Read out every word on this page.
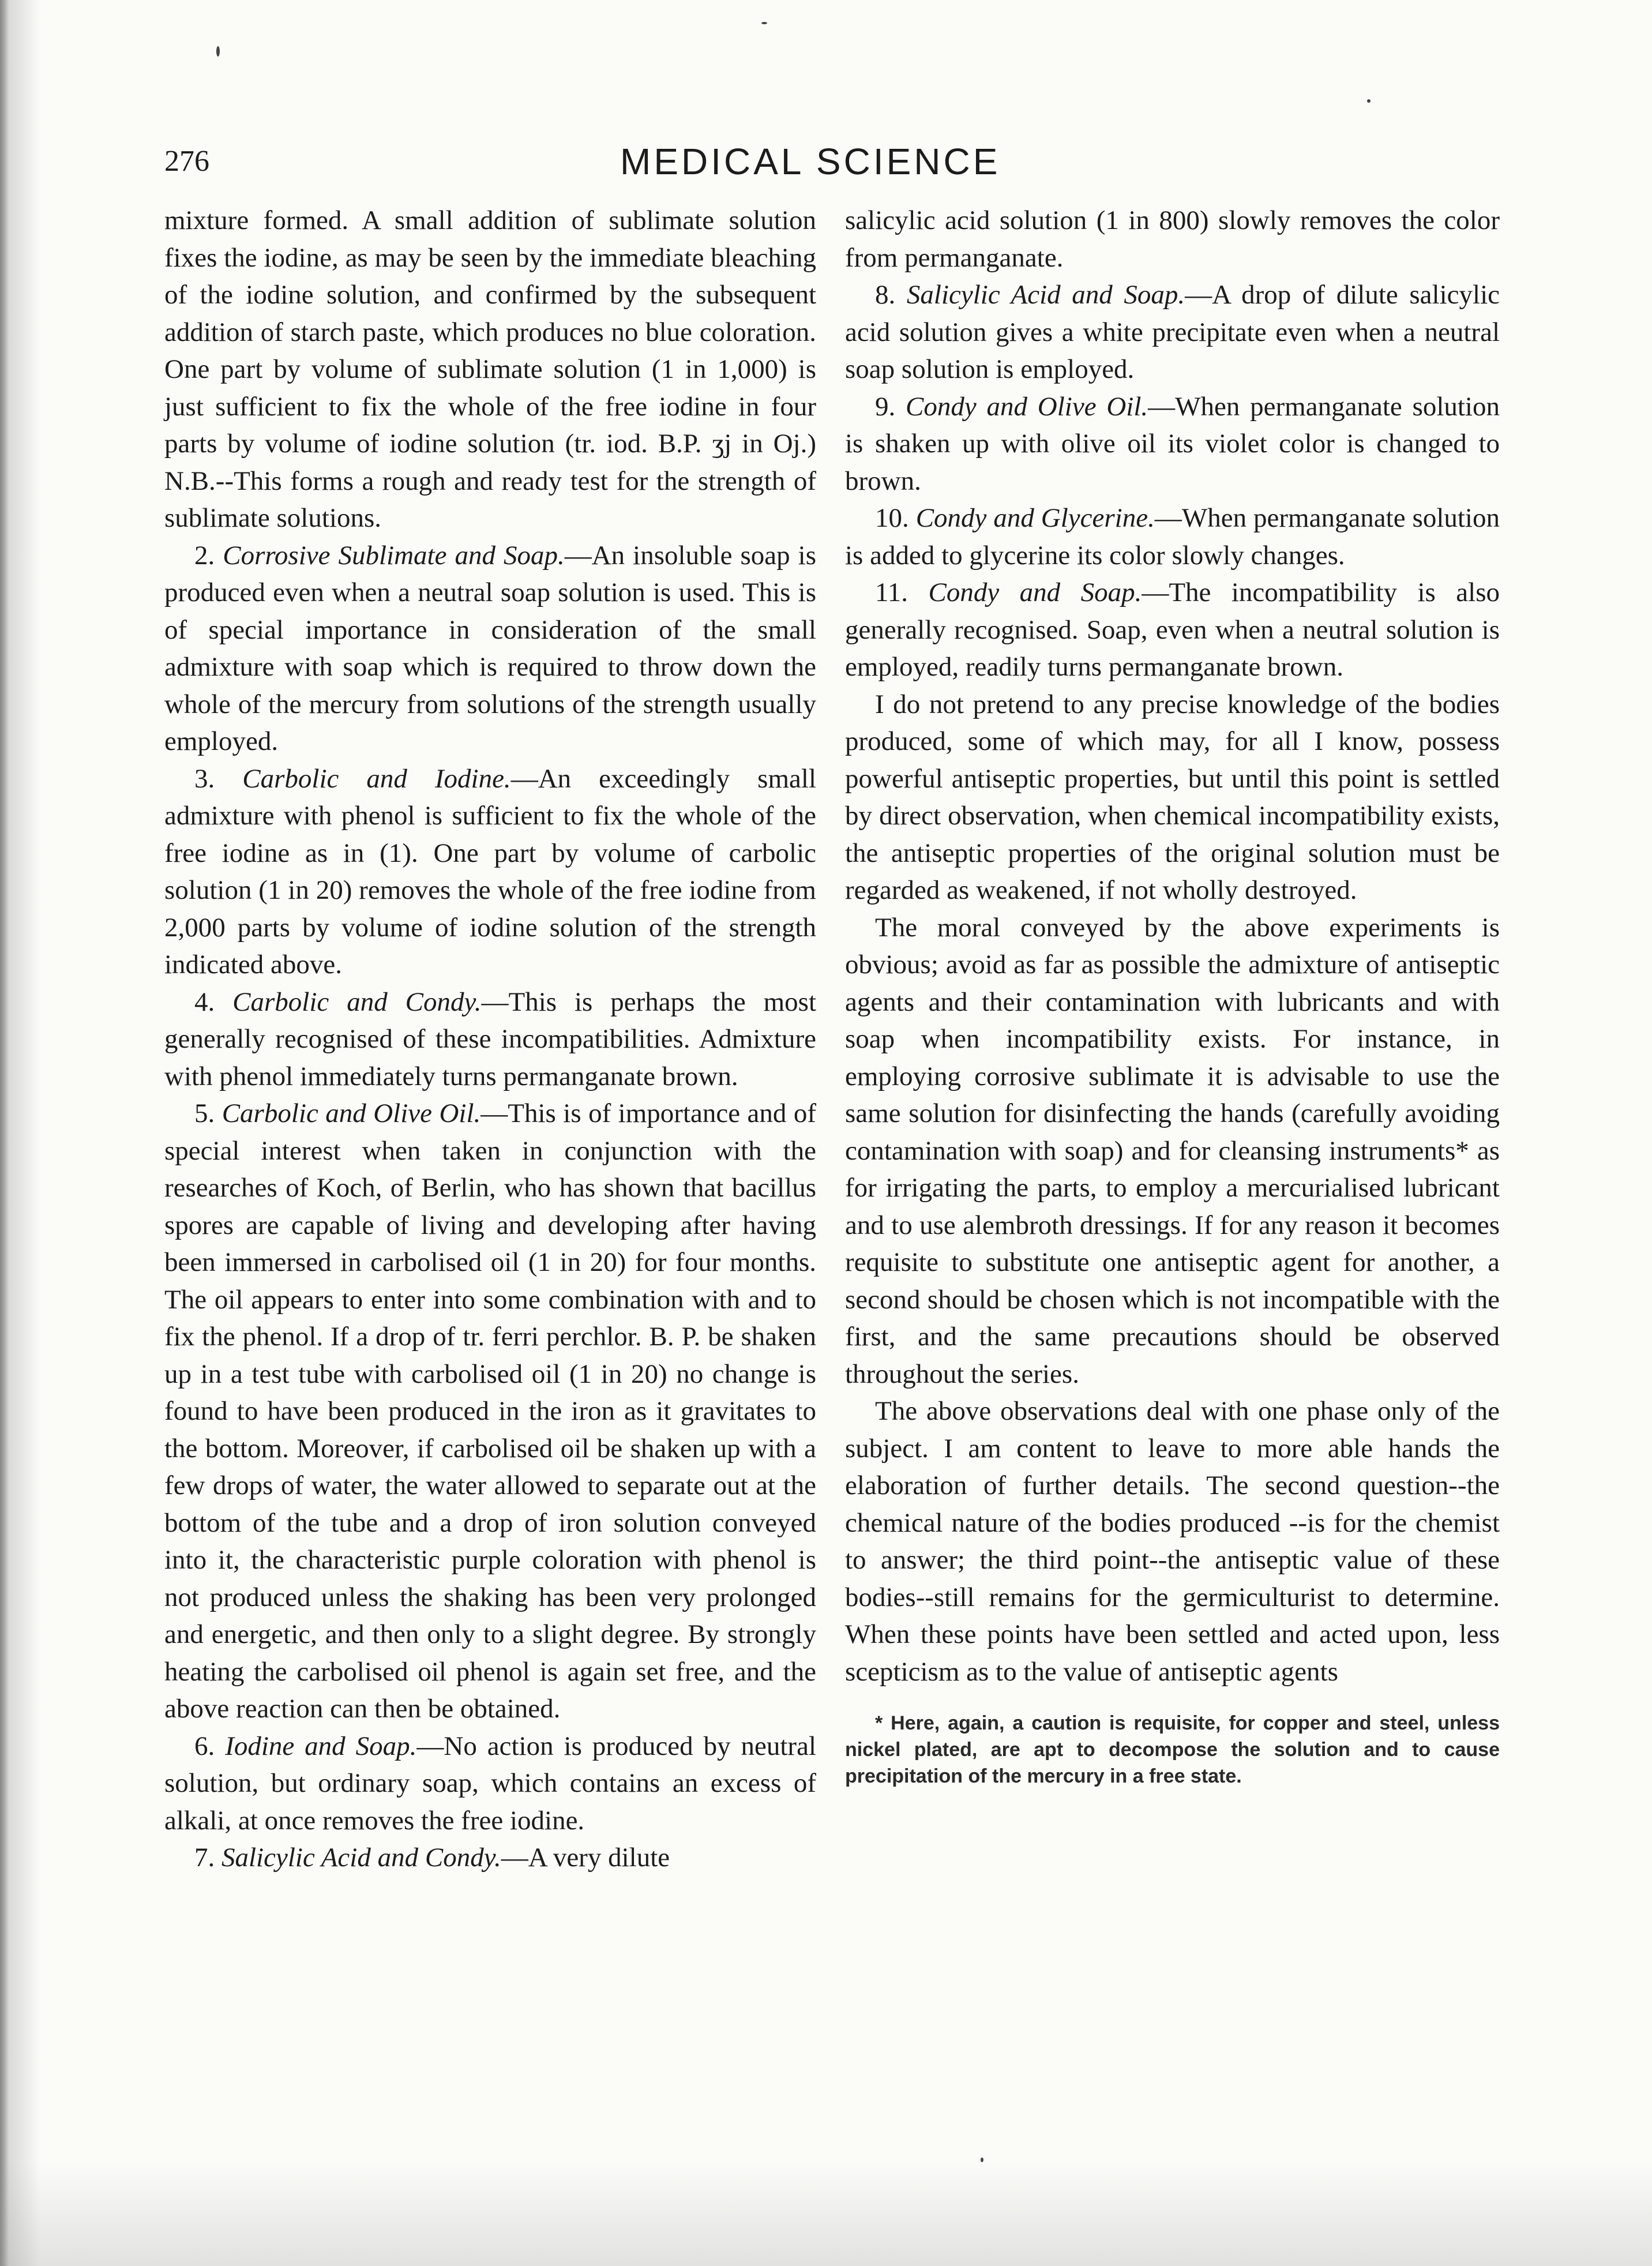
276	MEDICAL SCIENCE

mixture formed. A small addition of sublimate solution fixes the iodine, as may be seen by the immediate bleaching of the iodine solution, and confirmed by the subsequent addition of starch paste, which produces no blue coloration. One part by volume of sublimate solution (1 in 1,000) is just sufficient to fix the whole of the free iodine in four parts by volume of iodine solution (tr. iod. B.P. ʒj in Oj.) N.B.--This forms a rough and ready test for the strength of sublimate solutions.

2. Corrosive Sublimate and Soap.—An insoluble soap is produced even when a neutral soap solution is used. This is of special importance in consideration of the small admixture with soap which is required to throw down the whole of the mercury from solutions of the strength usually employed.

3. Carbolic and Iodine.—An exceedingly small admixture with phenol is sufficient to fix the whole of the free iodine as in (1). One part by volume of carbolic solution (1 in 20) removes the whole of the free iodine from 2,000 parts by volume of iodine solution of the strength indicated above.

4. Carbolic and Condy.—This is perhaps the most generally recognised of these incompatibilities. Admixture with phenol immediately turns permanganate brown.

5. Carbolic and Olive Oil.—This is of importance and of special interest when taken in conjunction with the researches of Koch, of Berlin, who has shown that bacillus spores are capable of living and developing after having been immersed in carbolised oil (1 in 20) for four months. The oil appears to enter into some combination with and to fix the phenol. If a drop of tr. ferri perchlor. B. P. be shaken up in a test tube with carbolised oil (1 in 20) no change is found to have been produced in the iron as it gravitates to the bottom. Moreover, if carbolised oil be shaken up with a few drops of water, the water allowed to separate out at the bottom of the tube and a drop of iron solution conveyed into it, the characteristic purple coloration with phenol is not produced unless the shaking has been very prolonged and energetic, and then only to a slight degree. By strongly heating the carbolised oil phenol is again set free, and the above reaction can then be obtained.

6. Iodine and Soap.—No action is produced by neutral solution, but ordinary soap, which contains an excess of alkali, at once removes the free iodine.

7. Salicylic Acid and Condy.—A very dilute

salicylic acid solution (1 in 800) slowly removes the color from permanganate.

8. Salicylic Acid and Soap.—A drop of dilute salicylic acid solution gives a white precipitate even when a neutral soap solution is employed.

9. Condy and Olive Oil.—When permanganate solution is shaken up with olive oil its violet color is changed to brown.

10. Condy and Glycerine.—When permanganate solution is added to glycerine its color slowly changes.

11. Condy and Soap.—The incompatibility is also generally recognised. Soap, even when a neutral solution is employed, readily turns permanganate brown.

I do not pretend to any precise knowledge of the bodies produced, some of which may, for all I know, possess powerful antiseptic properties, but until this point is settled by direct observation, when chemical incompatibility exists, the antiseptic properties of the original solution must be regarded as weakened, if not wholly destroyed.

The moral conveyed by the above experiments is obvious; avoid as far as possible the admixture of antiseptic agents and their contamination with lubricants and with soap when incompatibility exists. For instance, in employing corrosive sublimate it is advisable to use the same solution for disinfecting the hands (carefully avoiding contamination with soap) and for cleansing instruments* as for irrigating the parts, to employ a mercurialised lubricant and to use alembroth dressings. If for any reason it becomes requisite to substitute one antiseptic agent for another, a second should be chosen which is not incompatible with the first, and the same precautions should be observed throughout the series.

The above observations deal with one phase only of the subject. I am content to leave to more able hands the elaboration of further details. The second question--the chemical nature of the bodies produced --is for the chemist to answer; the third point--the antiseptic value of these bodies--still remains for the germiculturist to determine. When these points have been settled and acted upon, less scepticism as to the value of antiseptic agents

* Here, again, a caution is requisite, for copper and steel, unless nickel plated, are apt to decompose the solution and to cause precipitation of the mercury in a free state.
